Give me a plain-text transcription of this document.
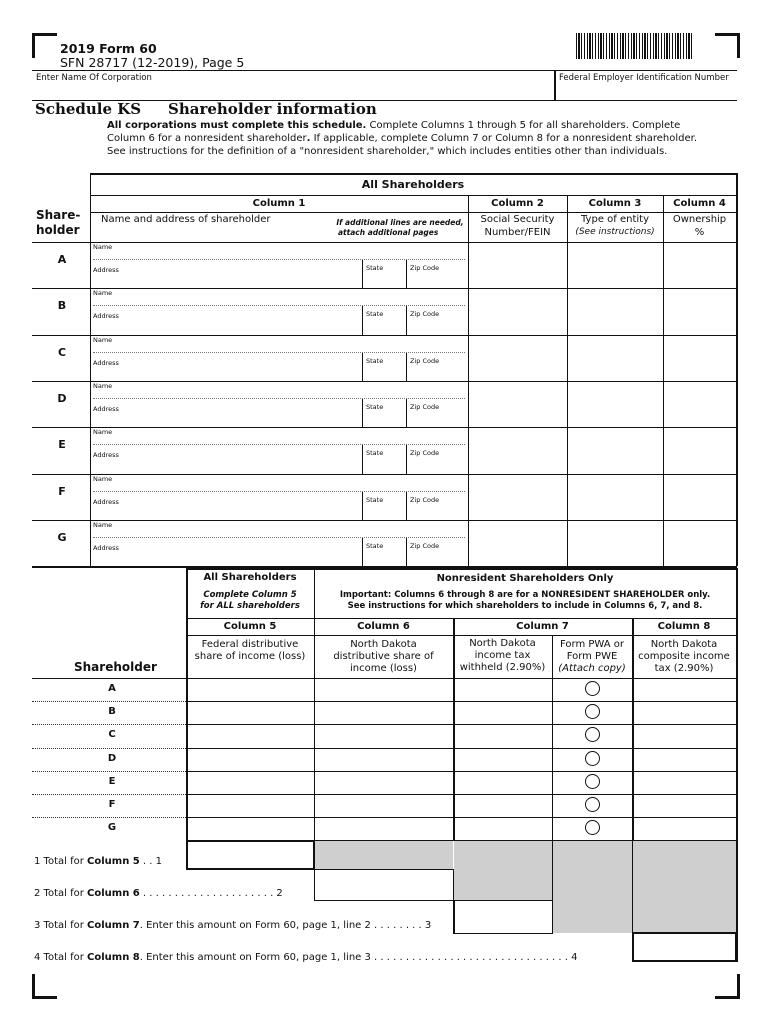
2019 Form 60
SFN 28717 (12-2019), Page 5
Enter Name Of Corporation	Federal Employer Identification Number
Schedule KS Shareholder information
All corporations must complete this schedule. Complete Columns 1 through 5 for all shareholders. Complete
Column 6 for a nonresident shareholder. If applicable, complete Column 7 or Column 8 for a nonresident shareholder.
See instructions for the definition of a "nonresident shareholder," which includes entities other than individuals.
All Shareholders
Share-
holder
Column 1
Name and address of shareholder	If additional lines are needed,
attach additional pages
Column 2
Social Security
Number/FEIN
Column 3
Type of entity
(See instructions)
Column 4
Ownership
%
A
Name
Address	State	Zip Code
B
Name
Address	State	Zip Code
C
Name
Address	State	Zip Code
D
Name
Address	State	Zip Code
E
Name
Address	State	Zip Code
F
Name
Address	State	Zip Code
G
Name
Address	State	Zip Code
All Shareholders
Complete Column 5
for ALL shareholders
Nonresident Shareholders Only
Important: Columns 6 through 8 are for a NONRESIDENT SHAREHOLDER only.
See instructions for which shareholders to include in Columns 6, 7, and 8.
Shareholder
Column 5
Federal distributive
share of income (loss)
Column 6
North Dakota
distributive share of
income (loss)
Column 7
North Dakota
income tax
withheld (2.90%)
Form PWA or
Form PWE
(Attach copy)
Column 8
North Dakota
composite income
tax (2.90%)
A
B
C
D
E
F
G
1 Total for Column 5 . . 1
2 Total for Column 6 . . . . . . . . . . . . . . . . . . . . . 2
3 Total for Column 7. Enter this amount on Form 60, page 1, line 2 . . . . . . . . 3
4 Total for Column 8. Enter this amount on Form 60, page 1, line 3 . . . . . . . . . . . . . . . . . . . . . . . . . . . . . . . 4
